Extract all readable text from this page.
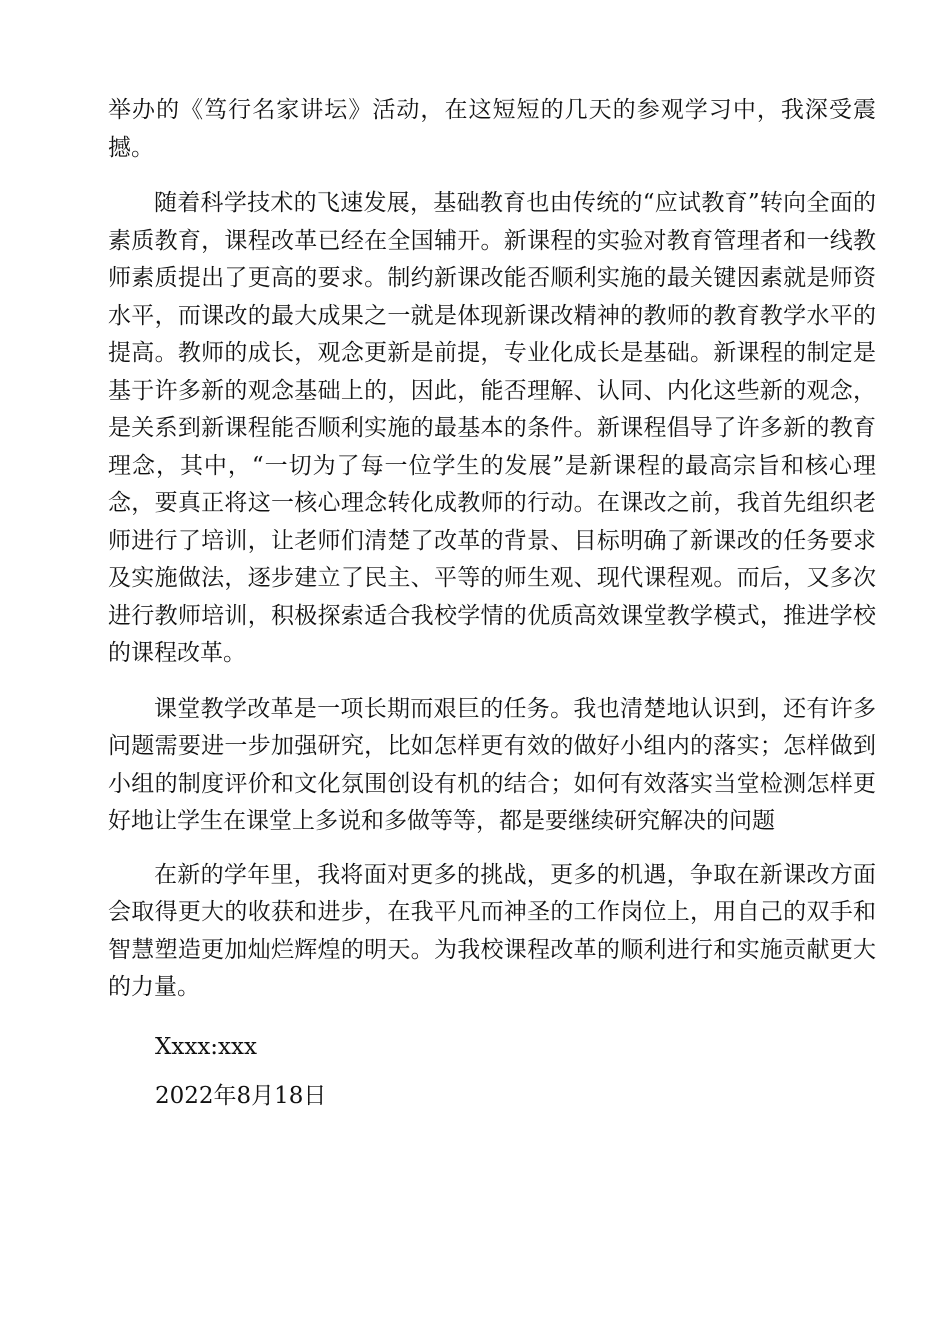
举办的《笃行名家讲坛》活动，在这短短的几天的参观学习中，我深受震撼。

随着科学技术的飞速发展，基础教育也由传统的“应试教育”转向全面的素质教育，课程改革已经在全国辅开。新课程的实验对教育管理者和一线教师素质提出了更高的要求。制约新课改能否顺利实施的最关键因素就是师资水平，而课改的最大成果之一就是体现新课改精神的教师的教育教学水平的提高。教师的成长，观念更新是前提，专业化成长是基础。新课程的制定是基于许多新的观念基础上的，因此，能否理解、认同、内化这些新的观念，是关系到新课程能否顺利实施的最基本的条件。新课程倡导了许多新的教育理念，其中，“一切为了每一位学生的发展”是新课程的最高宗旨和核心理念，要真正将这一核心理念转化成教师的行动。在课改之前，我首先组织老师进行了培训，让老师们清楚了改革的背景、目标明确了新课改的任务要求及实施做法，逐步建立了民主、平等的师生观、现代课程观。而后，又多次进行教师培训，积极探索适合我校学情的优质高效课堂教学模式，推进学校的课程改革。

课堂教学改革是一项长期而艰巨的任务。我也清楚地认识到，还有许多问题需要进一步加强研究，比如怎样更有效的做好小组内的落实；怎样做到小组的制度评价和文化氛围创设有机的结合；如何有效落实当堂检测怎样更好地让学生在课堂上多说和多做等等，都是要继续研究解决的问题

在新的学年里，我将面对更多的挑战，更多的机遇，争取在新课改方面会取得更大的收获和进步，在我平凡而神圣的工作岗位上，用自己的双手和智慧塑造更加灿烂辉煌的明天。为我校课程改革的顺利进行和实施贡献更大的力量。

Xxxx:xxx

2022年8月18日
